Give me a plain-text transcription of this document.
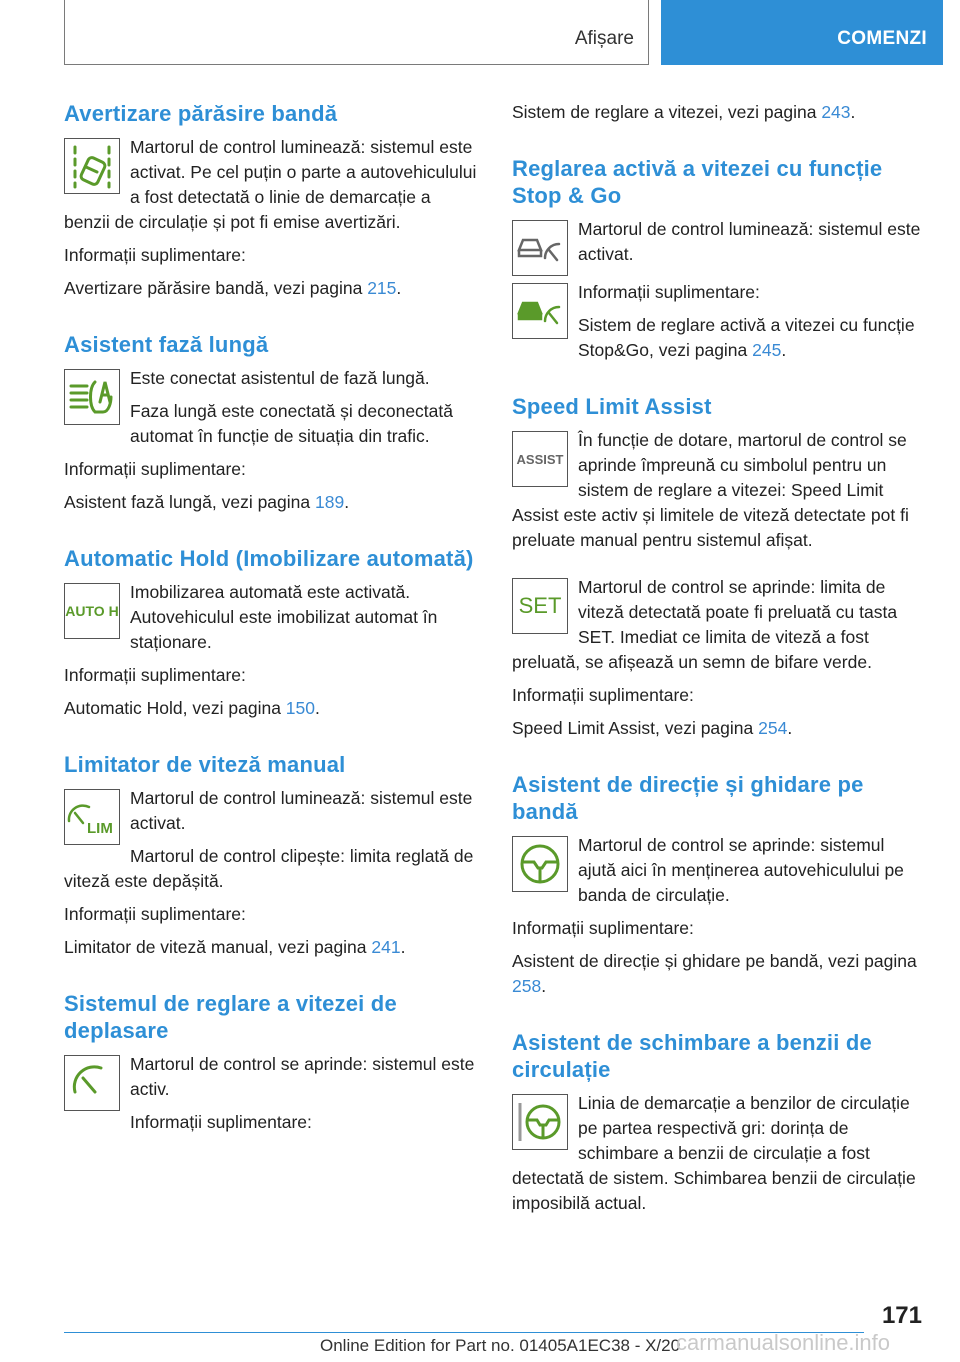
Afișare	COMENZI
Avertizare părăsire bandă

Martorul de control luminează: sistemul este activat. Pe cel puțin o parte a autovehiculului a fost detectată o linie de demarcație a benzii de circulație și pot fi emise avertizări.

Informații suplimentare:

Avertizare părăsire bandă, vezi pagina 215.

Asistent fază lungă

Este conectat asistentul de fază lungă.

Faza lungă este conectată și deconectată automat în funcție de situația din trafic.

Informații suplimentare:

Asistent fază lungă, vezi pagina 189.

Automatic Hold (Imobilizare automată)
AUTO H

Imobilizarea automată este activată. Autovehiculul este imobilizat automat în staționare.

Informații suplimentare:

Automatic Hold, vezi pagina 150.

Limitator de viteză manual
LIM

Martorul de control luminează: sistemul este activat.

Martorul de control clipește: limita reglată de viteză este depășită.

Informații suplimentare:

Limitator de viteză manual, vezi pagina 241.

Sistemul de reglare a vitezei de deplasare

Martorul de control se aprinde: sistemul este activ.

Informații suplimentare:

Sistem de reglare a vitezei, vezi pagina 243.

Reglarea activă a vitezei cu funcție Stop & Go

Martorul de control luminează: sistemul este activat.

Informații suplimentare:

Sistem de reglare activă a vitezei cu funcție Stop&Go, vezi pagina 245.

Speed Limit Assist
ASSIST

În funcție de dotare, martorul de control se aprinde împreună cu simbolul pentru un sistem de reglare a vitezei: Speed Limit Assist este activ și limitele de viteză detectate pot fi preluate manual pentru sistemul afișat.

SET

Martorul de control se aprinde: limita de viteză detectată poate fi preluată cu tasta SET. Imediat ce limita de viteză a fost preluată, se afișează un semn de bifare verde.

Informații suplimentare:

Speed Limit Assist, vezi pagina 254.

Asistent de direcție și ghidare pe bandă

Martorul de control se aprinde: sistemul ajută aici în menținerea autovehiculului pe banda de circulație.

Informații suplimentare:

Asistent de direcție și ghidare pe bandă, vezi pagina 258.

Asistent de schimbare a benzii de circulație

Linia de demarcație a benzilor de circulație pe partea respectivă gri: dorința de schimbare a benzii de circulație a fost detectată de sistem. Schimbarea benzii de circulație imposibilă actual.

171
Online Edition for Part no. 01405A1EC38 - X/20
carmanualsonline.info
